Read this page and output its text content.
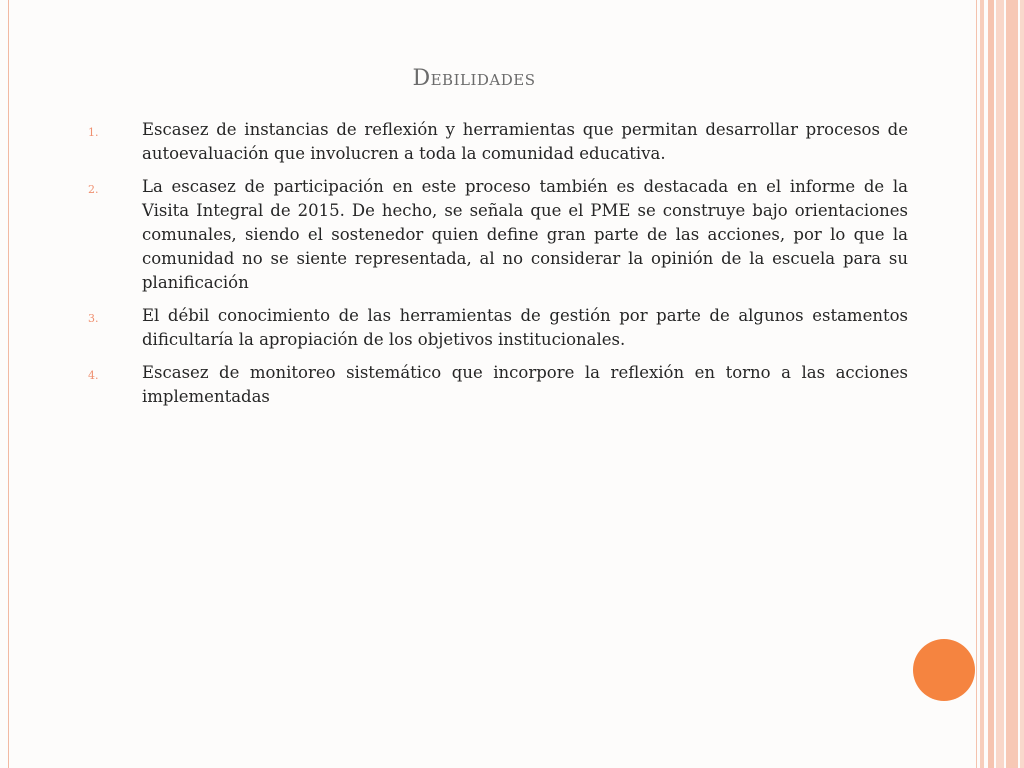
Debilidades
1.	Escasez de instancias de reflexión y herramientas que permitan desarrollar procesos de autoevaluación que involucren a toda la comunidad educativa.
2.	La escasez de participación en este proceso también es destacada en el informe de la Visita Integral de 2015. De hecho, se señala que el PME se construye bajo orientaciones comunales, siendo el sostenedor quien define gran parte de las acciones, por lo que la comunidad no se siente representada, al no considerar la opinión de la escuela para su planificación
3.	El débil conocimiento de las herramientas de gestión por parte de algunos estamentos dificultaría la apropiación de los objetivos institucionales.
4.	Escasez de monitoreo sistemático que incorpore la reflexión en torno a las acciones implementadas
